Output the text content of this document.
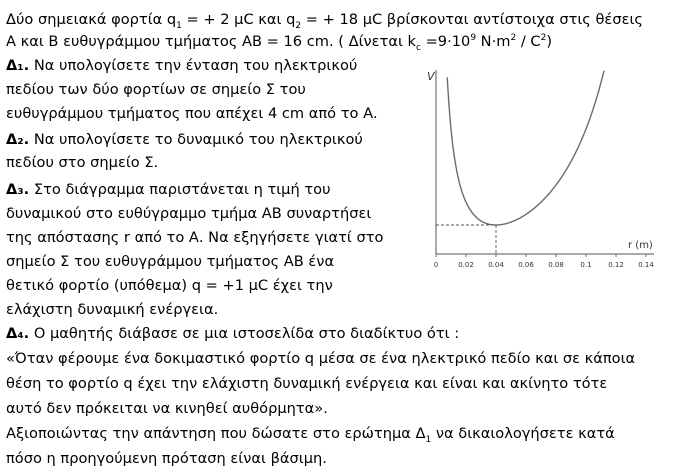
Δύο σημειακά φορτία $q_1$ = + 2 μC και $q_2$ = + 18 μC βρίσκονται αντίστοιχα στις θέσεις
Α και Β ευθυγράμμου τμήματος ΑΒ = 16 cm. ( Δίνεται $k_c =9\cdot 10^9$ $N\cdot m^2 / C^2$)
Δ₁. Να υπολογίσετε την ένταση του ηλεκτρικού
πεδίου των δύο φορτίων σε σημείο Σ του
ευθυγράμμου τμήματος που απέχει 4 cm από το Α.
Δ₂. Να υπολογίσετε το δυναμικό του ηλεκτρικού
πεδίου στο σημείο Σ.
Δ₃. Στο διάγραμμα παριστάνεται η τιμή του
δυναμικού στο ευθύγραμμο τμήμα ΑΒ συναρτήσει
της απόστασης r από το Α. Να εξηγήσετε γιατί στο
σημείο Σ του ευθυγράμμου τμήματος ΑΒ ένα
θετικό φορτίο (υπόθεμα) q = +1 μC έχει την
ελάχιστη δυναμική ενέργεια.
Δ₄. Ο μαθητής διάβασε σε μια ιστοσελίδα στο διαδίκτυο ότι :
«Όταν φέρουμε ένα δοκιμαστικό φορτίο q μέσα σε ένα ηλεκτρικό πεδίο και σε κάποια
θέση το φορτίο q έχει την ελάχιστη δυναμική ενέργεια και είναι και ακίνητο τότε
αυτό δεν πρόκειται να κινηθεί αυθόρμητα».
Αξιοποιώντας την απάντηση που δώσατε στο ερώτημα $\Delta_1$ να δικαιολογήσετε κατά
πόσο η προηγούμενη πρόταση είναι βάσιμη.
V
r (m)
0	0.02 0.04 0.06 0.08 0.1 0.12 0.14
